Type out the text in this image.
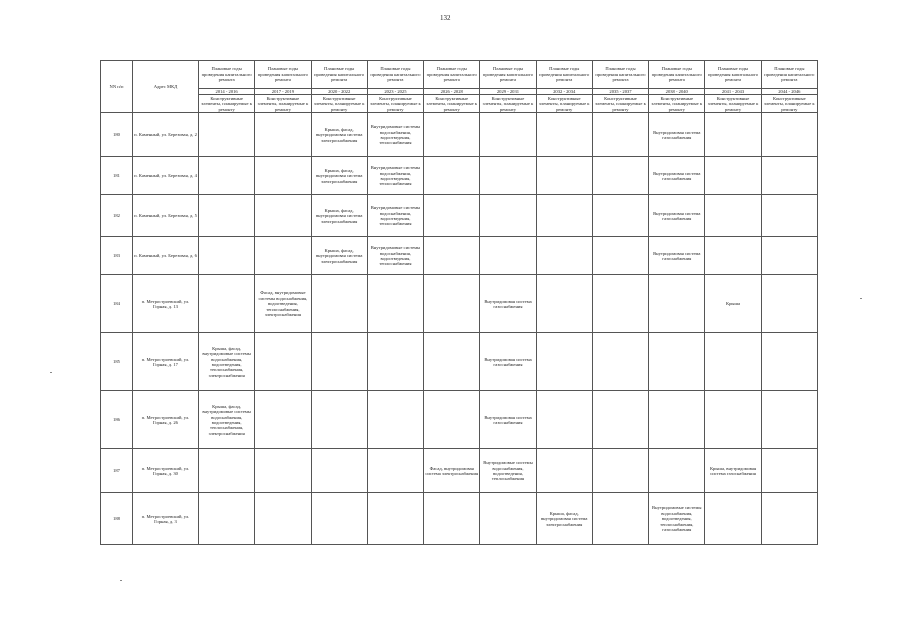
132
NN п/п	Адрес МКД	Плановые годы проведения капитального ремонта	Плановые годы проведения капитального ремонта	Плановые годы проведения капитального ремонта	Плановые годы проведения капитального ремонта	Плановые годы проведения капитального ремонта	Плановые годы проведения капитального ремонта	Плановые годы проведения капитального ремонта	Плановые годы проведения капитального ремонта	Плановые годы проведения капитального ремонта	Плановые годы проведения капитального ремонта	Плановые годы проведения капитального ремонта
		2014 - 2016	2017 - 2019	2020 - 2022	2023 - 2025	2026 - 2028	2029 - 2031	2032 - 2034	2035 - 2037	2038 - 2040	2041 - 2043	2044 - 2046
		Конструктивные элементы, планируемые к ремонту	Конструктивные элементы, планируемые к ремонту	Конструктивные элементы, планируемые к ремонту	Конструктивные элементы, планируемые к ремонту	Конструктивные элементы, планируемые к ремонту	Конструктивные элементы, планируемые к ремонту	Конструктивные элементы, планируемые к ремонту	Конструктивные элементы, планируемые к ремонту	Конструктивные элементы, планируемые к ремонту	Конструктивные элементы, планируемые к ремонту	Конструктивные элементы, планируемые к ремонту
180	п. Каменный, ул. Березовая, д. 2			Крыша, фасад, внутридомовая система электроснабжения	Внутридомовые системы водоснабжения, водоотведения, теплоснабжения					Внутридомовая система газоснабжения		
181	п. Каменный, ул. Березовая, д. 4			Крыша, фасад, внутридомовая система электроснабжения	Внутридомовые системы водоснабжения, водоотведения, теплоснабжения					Внутридомовая система газоснабжения		
182	п. Каменный, ул. Березовая, д. 5			Крыша, фасад, внутридомовая система электроснабжения	Внутридомовые системы водоснабжения, водоотведения, теплоснабжения					Внутридомовая система газоснабжения		
183	п. Каменный, ул. Березовая, д. 6			Крыша, фасад, внутридомовая система электроснабжения	Внутридомовые системы водоснабжения, водоотведения, теплоснабжения					Внутридомовая система газоснабжения		
184	п. Метростроевский, ул. Горная, д. 13		Фасад, внутридомовые системы водоснабжения, водоотведения, теплоснабжения, электроснабжения				Внутридомовая система газоснабжения				Крыша	
185	п. Метростроевский, ул. Горная, д. 17	Крыша, фасад, внутридомовые системы водоснабжения, водоотведения, теплоснабжения, электроснабжения					Внутридомовая система газоснабжения					
186	п. Метростроевский, ул. Горная, д. 26	Крыша, фасад, внутридомовые системы водоснабжения, водоотведения, теплоснабжения, электроснабжения					Внутридомовая система газоснабжения					
187	п. Метростроевский, ул. Горная, д. 30					Фасад, внутридомовая система электроснабжения	Внутридомовые системы водоснабжения, водоотведения, теплоснабжения				Крыша, внутридомовая система газоснабжения	
188	п. Метростроевский, ул. Горная, д. 3							Крыша, фасад, внутридомовая система электроснабжения		Внутридомовые системы водоснабжения, водоотведения, теплоснабжения, газоснабжения		
